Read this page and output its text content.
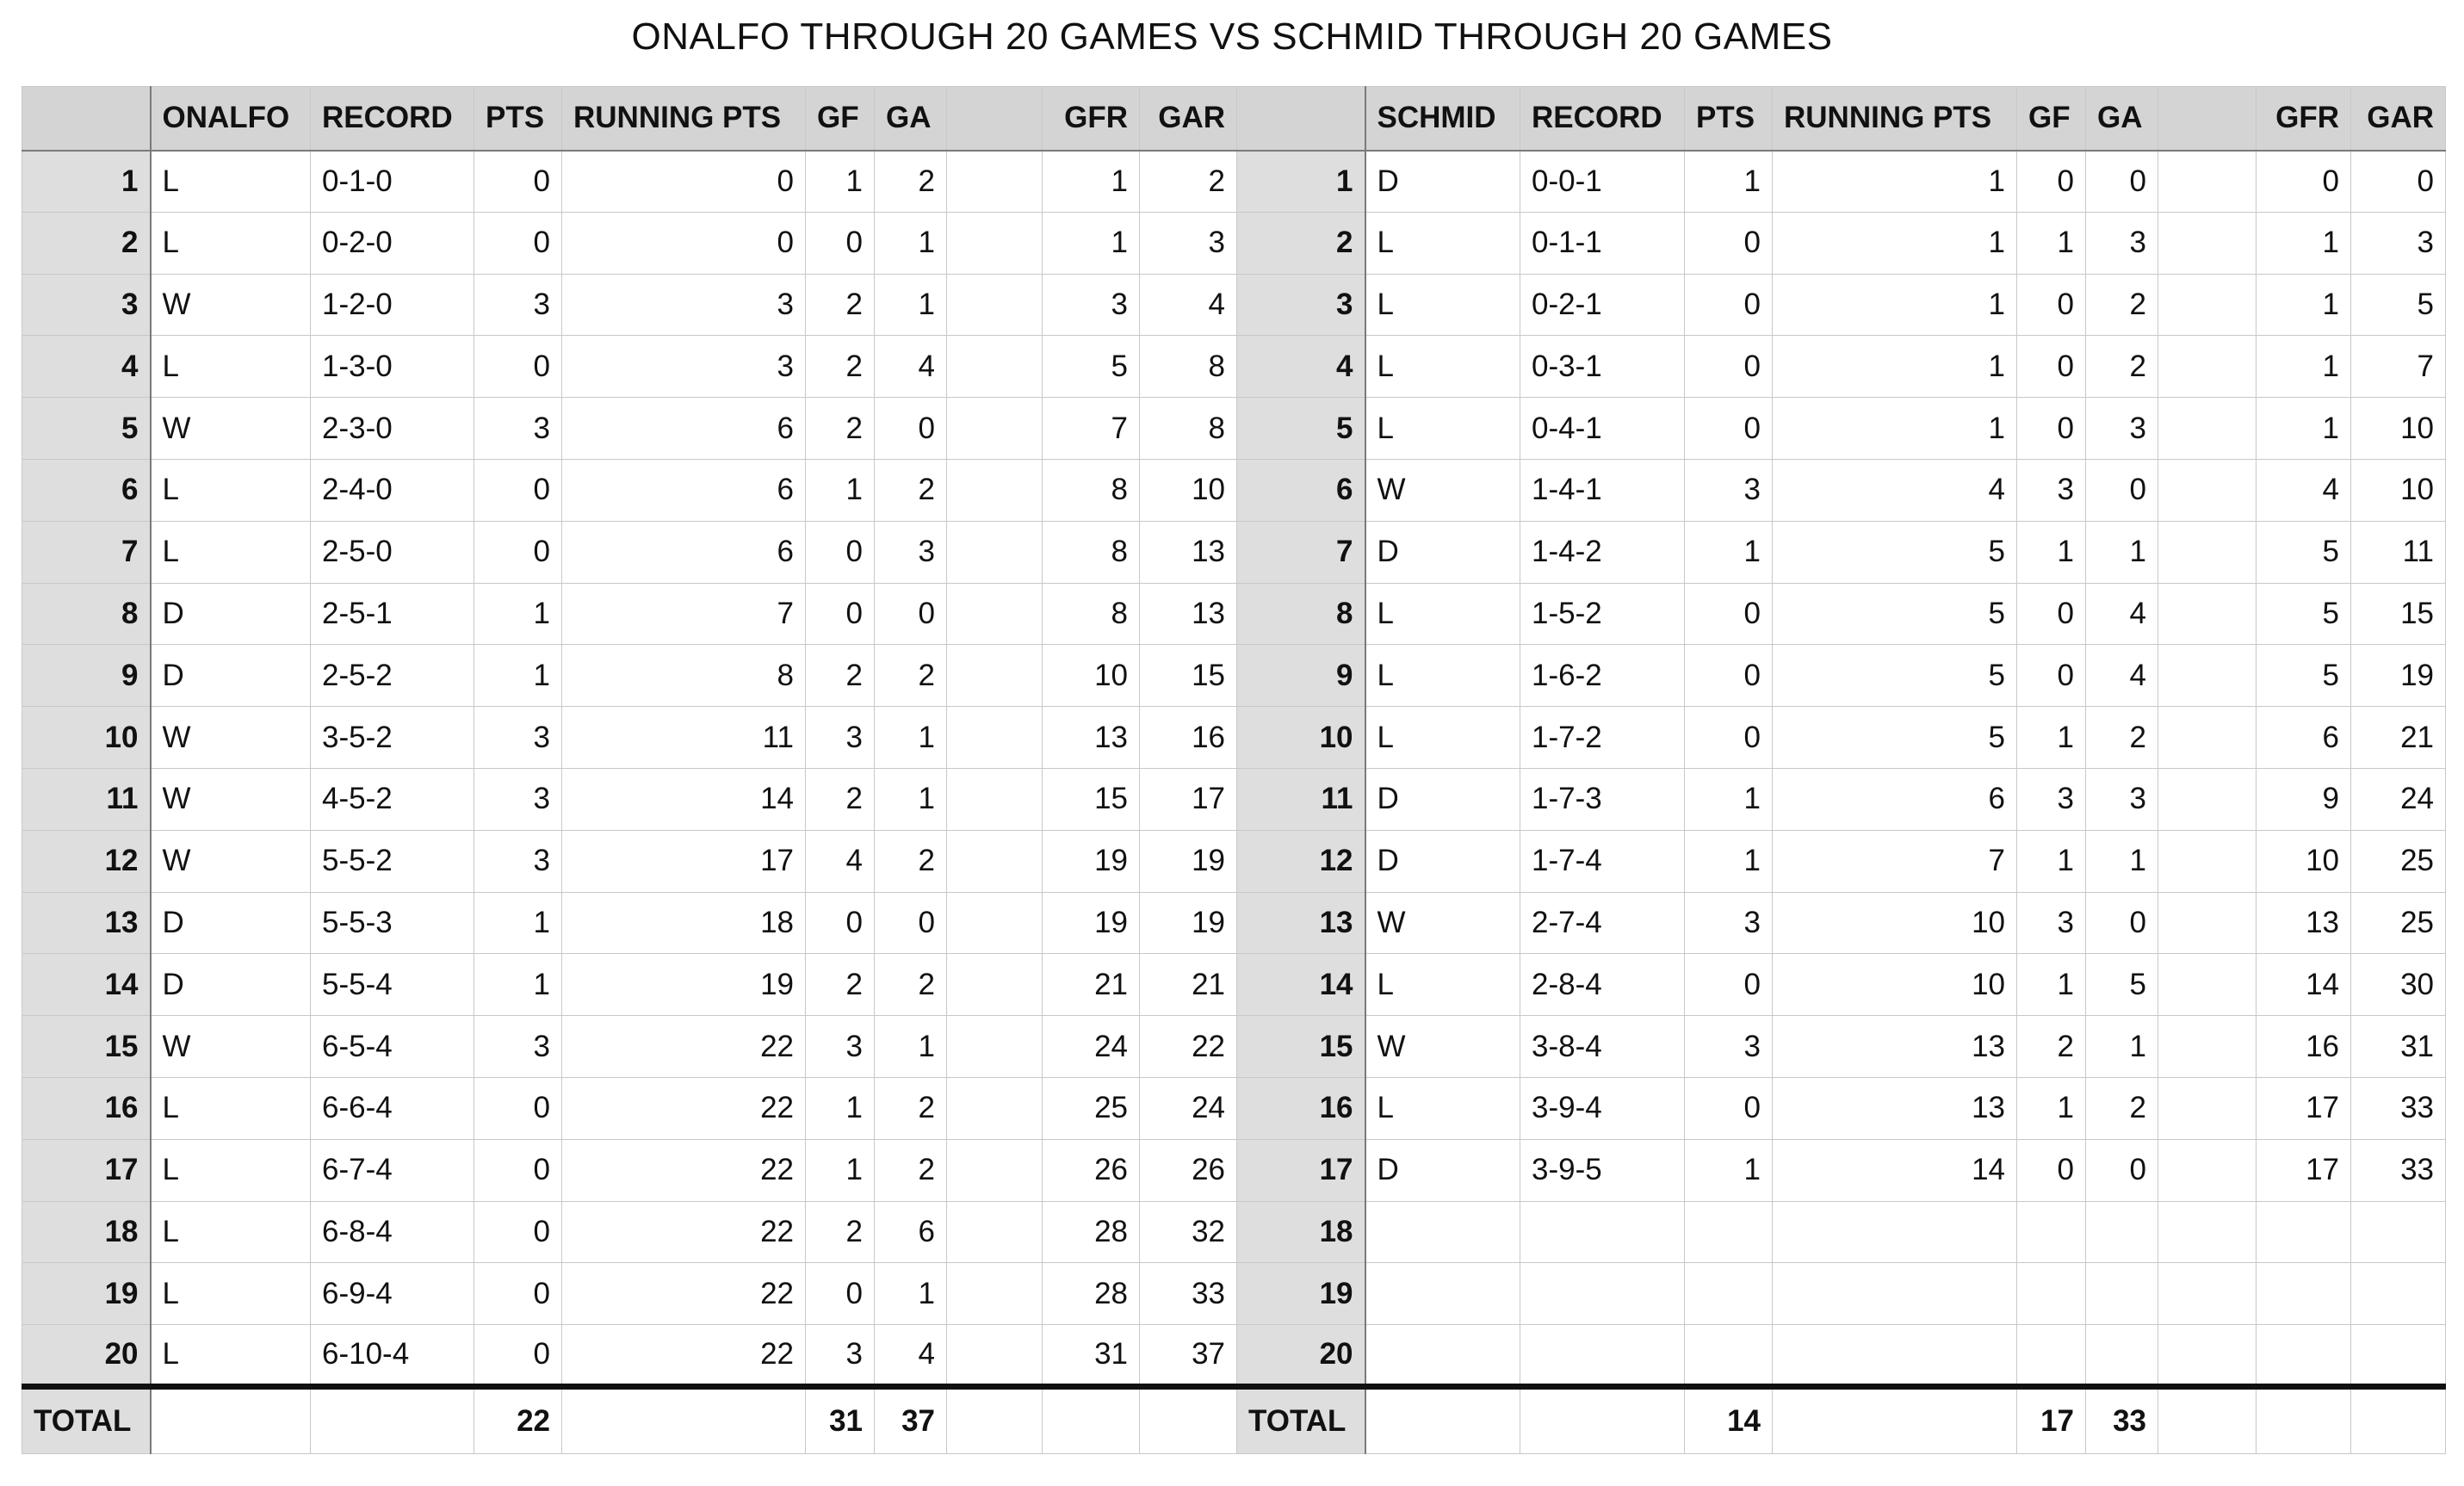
ONALFO THROUGH 20 GAMES VS SCHMID THROUGH 20 GAMES
	ONALFO	RECORD	PTS	RUNNING PTS	GF	GA		GFR	GAR		SCHMID	RECORD	PTS	RUNNING PTS	GF	GA		GFR	GAR
1	L	0-1-0	0	0	1	2		1	2	1	D	0-0-1	1	1	0	0		0	0
2	L	0-2-0	0	0	0	1		1	3	2	L	0-1-1	0	1	1	3		1	3
3	W	1-2-0	3	3	2	1		3	4	3	L	0-2-1	0	1	0	2		1	5
4	L	1-3-0	0	3	2	4		5	8	4	L	0-3-1	0	1	0	2		1	7
5	W	2-3-0	3	6	2	0		7	8	5	L	0-4-1	0	1	0	3		1	10
6	L	2-4-0	0	6	1	2		8	10	6	W	1-4-1	3	4	3	0		4	10
7	L	2-5-0	0	6	0	3		8	13	7	D	1-4-2	1	5	1	1		5	11
8	D	2-5-1	1	7	0	0		8	13	8	L	1-5-2	0	5	0	4		5	15
9	D	2-5-2	1	8	2	2		10	15	9	L	1-6-2	0	5	0	4		5	19
10	W	3-5-2	3	11	3	1		13	16	10	L	1-7-2	0	5	1	2		6	21
11	W	4-5-2	3	14	2	1		15	17	11	D	1-7-3	1	6	3	3		9	24
12	W	5-5-2	3	17	4	2		19	19	12	D	1-7-4	1	7	1	1		10	25
13	D	5-5-3	1	18	0	0		19	19	13	W	2-7-4	3	10	3	0		13	25
14	D	5-5-4	1	19	2	2		21	21	14	L	2-8-4	0	10	1	5		14	30
15	W	6-5-4	3	22	3	1		24	22	15	W	3-8-4	3	13	2	1		16	31
16	L	6-6-4	0	22	1	2		25	24	16	L	3-9-4	0	13	1	2		17	33
17	L	6-7-4	0	22	1	2		26	26	17	D	3-9-5	1	14	0	0		17	33
18	L	6-8-4	0	22	2	6		28	32	18									
19	L	6-9-4	0	22	0	1		28	33	19									
20	L	6-10-4	0	22	3	4		31	37	20									
TOTAL			22		31	37				TOTAL			14		17	33			
